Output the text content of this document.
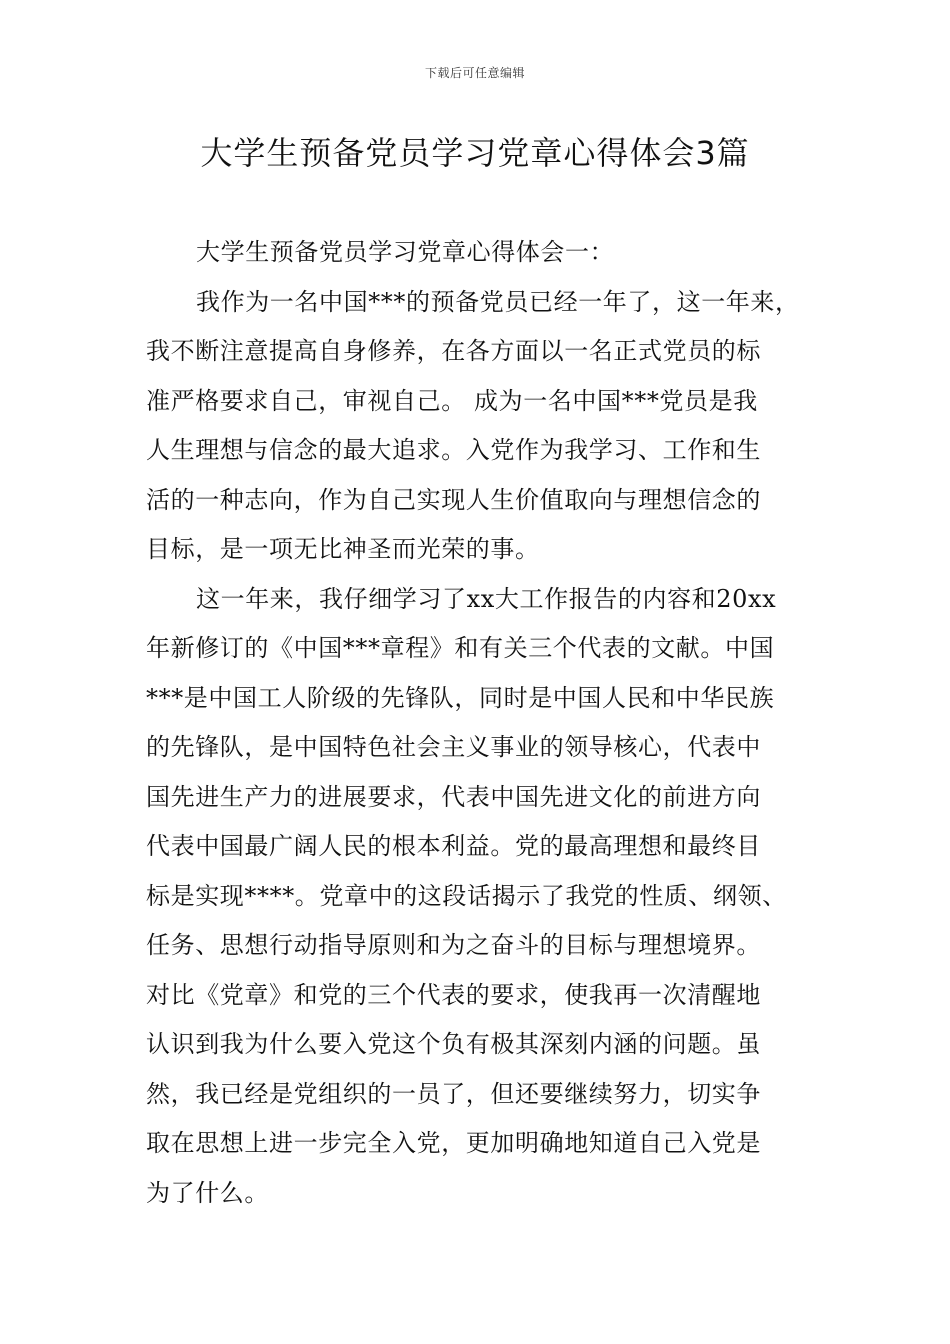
下载后可任意编辑
大学生预备党员学习党章心得体会3篇
大学生预备党员学习党章心得体会一：
我作为一名中国***的预备党员已经一年了，这一年来，
我不断注意提高自身修养，在各方面以一名正式党员的标
准严格要求自己，审视自己。 成为一名中国***党员是我
人生理想与信念的最大追求。入党作为我学习、工作和生
活的一种志向，作为自己实现人生价值取向与理想信念的
目标，是一项无比神圣而光荣的事。
这一年来，我仔细学习了xx大工作报告的内容和20xx
年新修订的《中国***章程》和有关三个代表的文献。中国
***是中国工人阶级的先锋队，同时是中国人民和中华民族
的先锋队，是中国特色社会主义事业的领导核心，代表中
国先进生产力的进展要求，代表中国先进文化的前进方向
代表中国最广阔人民的根本利益。党的最高理想和最终目
标是实现****。党章中的这段话揭示了我党的性质、纲领、
任务、思想行动指导原则和为之奋斗的目标与理想境界。
对比《党章》和党的三个代表的要求，使我再一次清醒地
认识到我为什么要入党这个负有极其深刻内涵的问题。虽
然，我已经是党组织的一员了，但还要继续努力，切实争
取在思想上进一步完全入党，更加明确地知道自己入党是
为了什么。
